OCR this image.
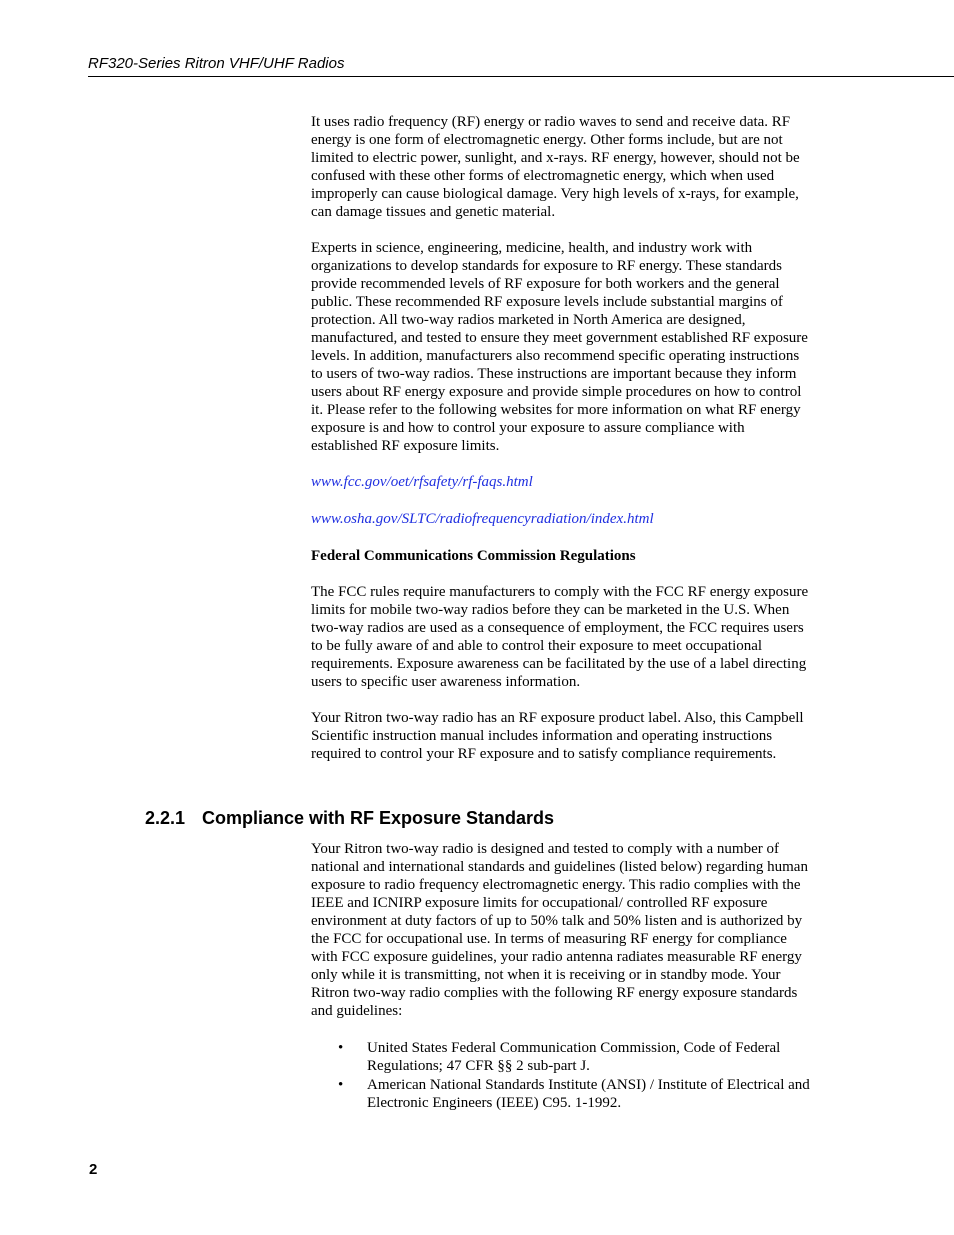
RF320-Series Ritron VHF/UHF Radios

It uses radio frequency (RF) energy or radio waves to send and receive data. RF energy is one form of electromagnetic energy. Other forms include, but are not limited to electric power, sunlight, and x-rays. RF energy, however, should not be confused with these other forms of electromagnetic energy, which when used improperly can cause biological damage. Very high levels of x-rays, for example, can damage tissues and genetic material.

Experts in science, engineering, medicine, health, and industry work with organizations to develop standards for exposure to RF energy. These standards provide recommended levels of RF exposure for both workers and the general public. These recommended RF exposure levels include substantial margins of protection. All two-way radios marketed in North America are designed, manufactured, and tested to ensure they meet government established RF exposure levels. In addition, manufacturers also recommend specific operating instructions to users of two-way radios. These instructions are important because they inform users about RF energy exposure and provide simple procedures on how to control it. Please refer to the following websites for more information on what RF energy exposure is and how to control your exposure to assure compliance with established RF exposure limits.

www.fcc.gov/oet/rfsafety/rf-faqs.html

www.osha.gov/SLTC/radiofrequencyradiation/index.html

Federal Communications Commission Regulations

The FCC rules require manufacturers to comply with the FCC RF energy exposure limits for mobile two-way radios before they can be marketed in the U.S. When two-way radios are used as a consequence of employment, the FCC requires users to be fully aware of and able to control their exposure to meet occupational requirements. Exposure awareness can be facilitated by the use of a label directing users to specific user awareness information.

Your Ritron two-way radio has an RF exposure product label. Also, this Campbell Scientific instruction manual includes information and operating instructions required to control your RF exposure and to satisfy compliance requirements.

2.2.1 Compliance with RF Exposure Standards

Your Ritron two-way radio is designed and tested to comply with a number of national and international standards and guidelines (listed below) regarding human exposure to radio frequency electromagnetic energy. This radio complies with the IEEE and ICNIRP exposure limits for occupational/ controlled RF exposure environment at duty factors of up to 50% talk and 50% listen and is authorized by the FCC for occupational use. In terms of measuring RF energy for compliance with FCC exposure guidelines, your radio antenna radiates measurable RF energy only while it is transmitting, not when it is receiving or in standby mode. Your Ritron two-way radio complies with the following RF energy exposure standards and guidelines:

• United States Federal Communication Commission, Code of Federal Regulations; 47 CFR §§ 2 sub-part J.
• American National Standards Institute (ANSI) / Institute of Electrical and Electronic Engineers (IEEE) C95. 1-1992.
2
